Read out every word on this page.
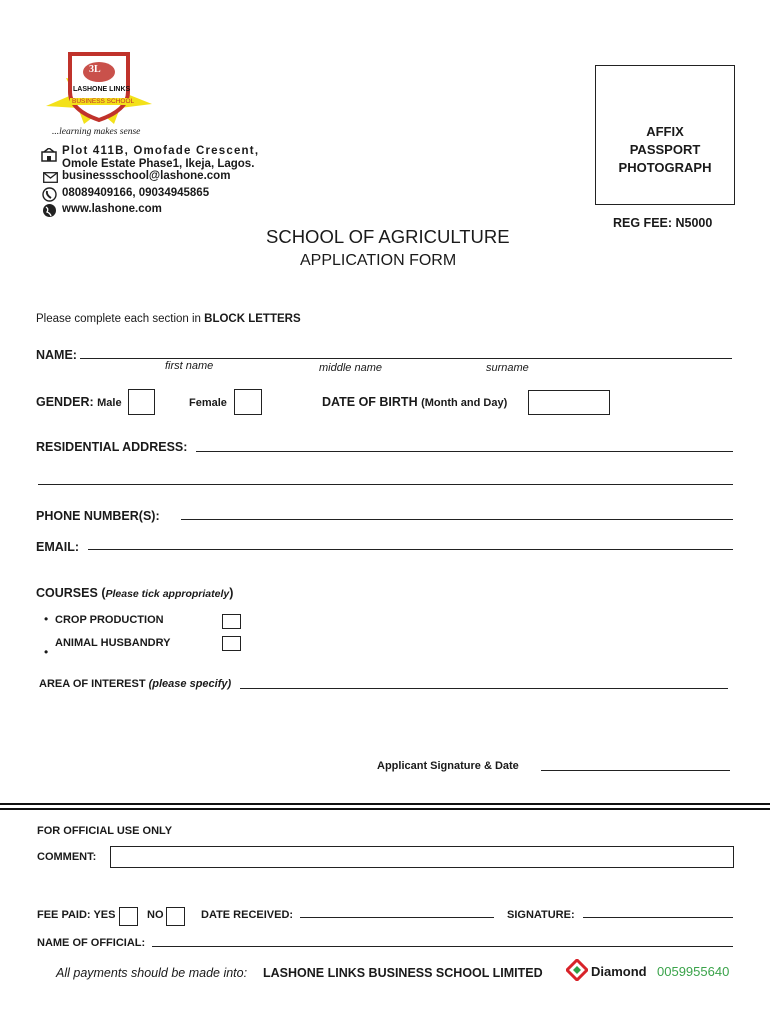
3L
LASHONE LINKS
BUSINESS SCHOOL
...learning makes sense
Plot 411B, Omofade Crescent,
Omole Estate Phase1, Ikeja, Lagos.
businessschool@lashone.com
08089409166, 09034945865
www.lashone.com
AFFIX
PASSPORT
PHOTOGRAPH
REG FEE: N5000
SCHOOL OF AGRICULTURE
APPLICATION FORM
Please complete each section in BLOCK LETTERS
NAME:
first name	middle name	surname
GENDER: Male	Female	DATE OF BIRTH (Month and Day)
RESIDENTIAL ADDRESS:
PHONE NUMBER(S):
EMAIL:
COURSES (Please tick appropriately)
• CROP PRODUCTION
•
ANIMAL HUSBANDRY
AREA OF INTEREST (please specify)
Applicant Signature & Date
FOR OFFICIAL USE ONLY
COMMENT:
FEE PAID: YES	NO	DATE RECEIVED:	SIGNATURE:
NAME OF OFFICIAL:
All payments should be made into: LASHONE LINKS BUSINESS SCHOOL LIMITED	Diamond 0059955640
